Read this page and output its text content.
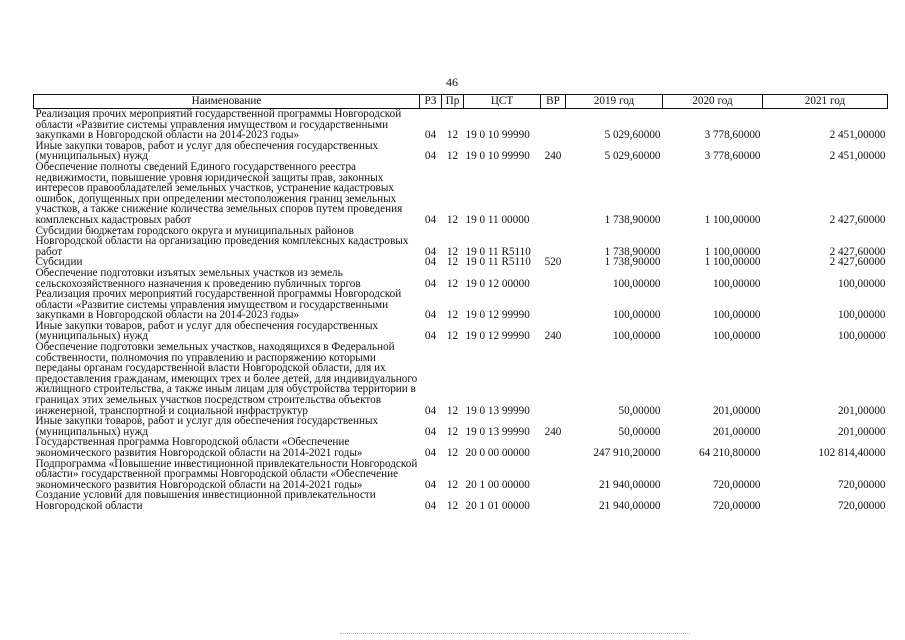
46
Наименование	РЗ	Пр	ЦСТ	ВР	2019 год	2020 год	2021 год
Реализация прочих мероприятий государственной программы Новгородской области «Развитие системы управления имуществом и государственными закупками в Новгородской области на 2014-2023 годы»	04	12	19 0 10 99990		5 029,60000	3 778,60000	2 451,00000
Иные закупки товаров, работ и услуг для обеспечения государственных (муниципальных) нужд	04	12	19 0 10 99990	240	5 029,60000	3 778,60000	2 451,00000
Обеспечение полноты сведений Единого государственного реестра недвижимости, повышение уровня юридической защиты прав, законных интересов правообладателей земельных участков, устранение кадастровых ошибок, допущенных при определении местоположения границ земельных участков, а также снижение количества земельных споров путем проведения комплексных кадастровых работ	04	12	19 0 11 00000		1 738,90000	1 100,00000	2 427,60000
Субсидии бюджетам городского округа и муниципальных районов Новгородской области на организацию проведения комплексных кадастровых работ	04	12	19 0 11 R5110		1 738,90000	1 100,00000	2 427,60000
Субсидии	04	12	19 0 11 R5110	520	1 738,90000	1 100,00000	2 427,60000
Обеспечение подготовки изъятых земельных участков из земель сельскохозяйственного назначения к проведению публичных торгов	04	12	19 0 12 00000		100,00000	100,00000	100,00000
Реализация прочих мероприятий государственной программы Новгородской области «Развитие системы управления имуществом и государственными закупками в Новгородской области на 2014-2023 годы»	04	12	19 0 12 99990		100,00000	100,00000	100,00000
Иные закупки товаров, работ и услуг для обеспечения государственных (муниципальных) нужд	04	12	19 0 12 99990	240	100,00000	100,00000	100,00000
Обеспечение подготовки земельных участков, находящихся в Федеральной собственности, полномочия по управлению и распоряжению которыми переданы органам государственной власти Новгородской области, для их предоставления гражданам, имеющих трех и более детей, для индивидуального жилищного строительства, а также иным лицам для обустройства территории в границах этих земельных участков посредством строительства объектов инженерной, транспортной и социальной инфраструктур	04	12	19 0 13 99990		50,00000	201,00000	201,00000
Иные закупки товаров, работ и услуг для обеспечения государственных (муниципальных) нужд	04	12	19 0 13 99990	240	50,00000	201,00000	201,00000
Государственная программа Новгородской области «Обеспечение экономического развития Новгородской области на 2014-2021 годы»	04	12	20 0 00 00000		247 910,20000	64 210,80000	102 814,40000
Подпрограмма «Повышение инвестиционной привлекательности Новгородской области» государственной программы Новгородской области «Обеспечение экономического развития Новгородской области на 2014-2021 годы»	04	12	20 1 00 00000		21 940,00000	720,00000	720,00000
Создание условий для повышения инвестиционной привлекательности Новгородской области	04	12	20 1 01 00000		21 940,00000	720,00000	720,00000
